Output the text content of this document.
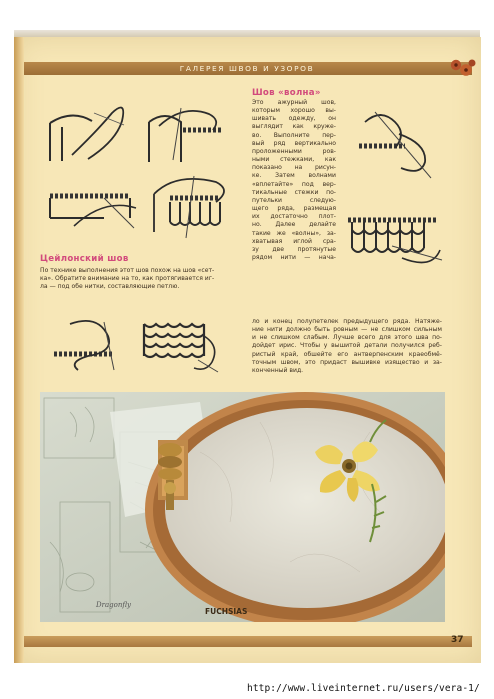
ГАЛЕРЕЯ ШВОВ И УЗОРОВ
Шов «волна»
Это ажурный шов,
которым хорошо вы-
шивать одежду, он
выглядит как круже-
во. Выполните пер-
вый ряд вертикально
проложенными ров-
ными стежками, как
показано на рисун-
ке. Затем волнами
«вплетайте» под вер-
тикальные стежки по-
путельки следую-
щего ряда, размещая
их достаточно плот-
но. Далее делайте
такие же «волны», за-
хватывая иглой сра-
зу две протянутые
рядом нити — нача-
ло и конец полупетелек предыдущего ряда. Натяже-
ние нити должно быть ровным — не слишком сильным
и не слишком слабым. Лучше всего для этого шва по-
дойдет ирис. Чтобы у вышитой детали получился реб-
ристый край, обшейте его антверпенским краеобмё-
точным швом, это придаст вышивке изящество и за-
конченный вид.
Цейлонский шов
По технике выполнения этот шов похож на шов «сет-
ка». Обратите внимание на то, как протягивается иг-
ла — под обе нитки, составляющие петлю.
Dragonfly
FUCHSIAS
37
http://www.liveinternet.ru/users/vera-1/
